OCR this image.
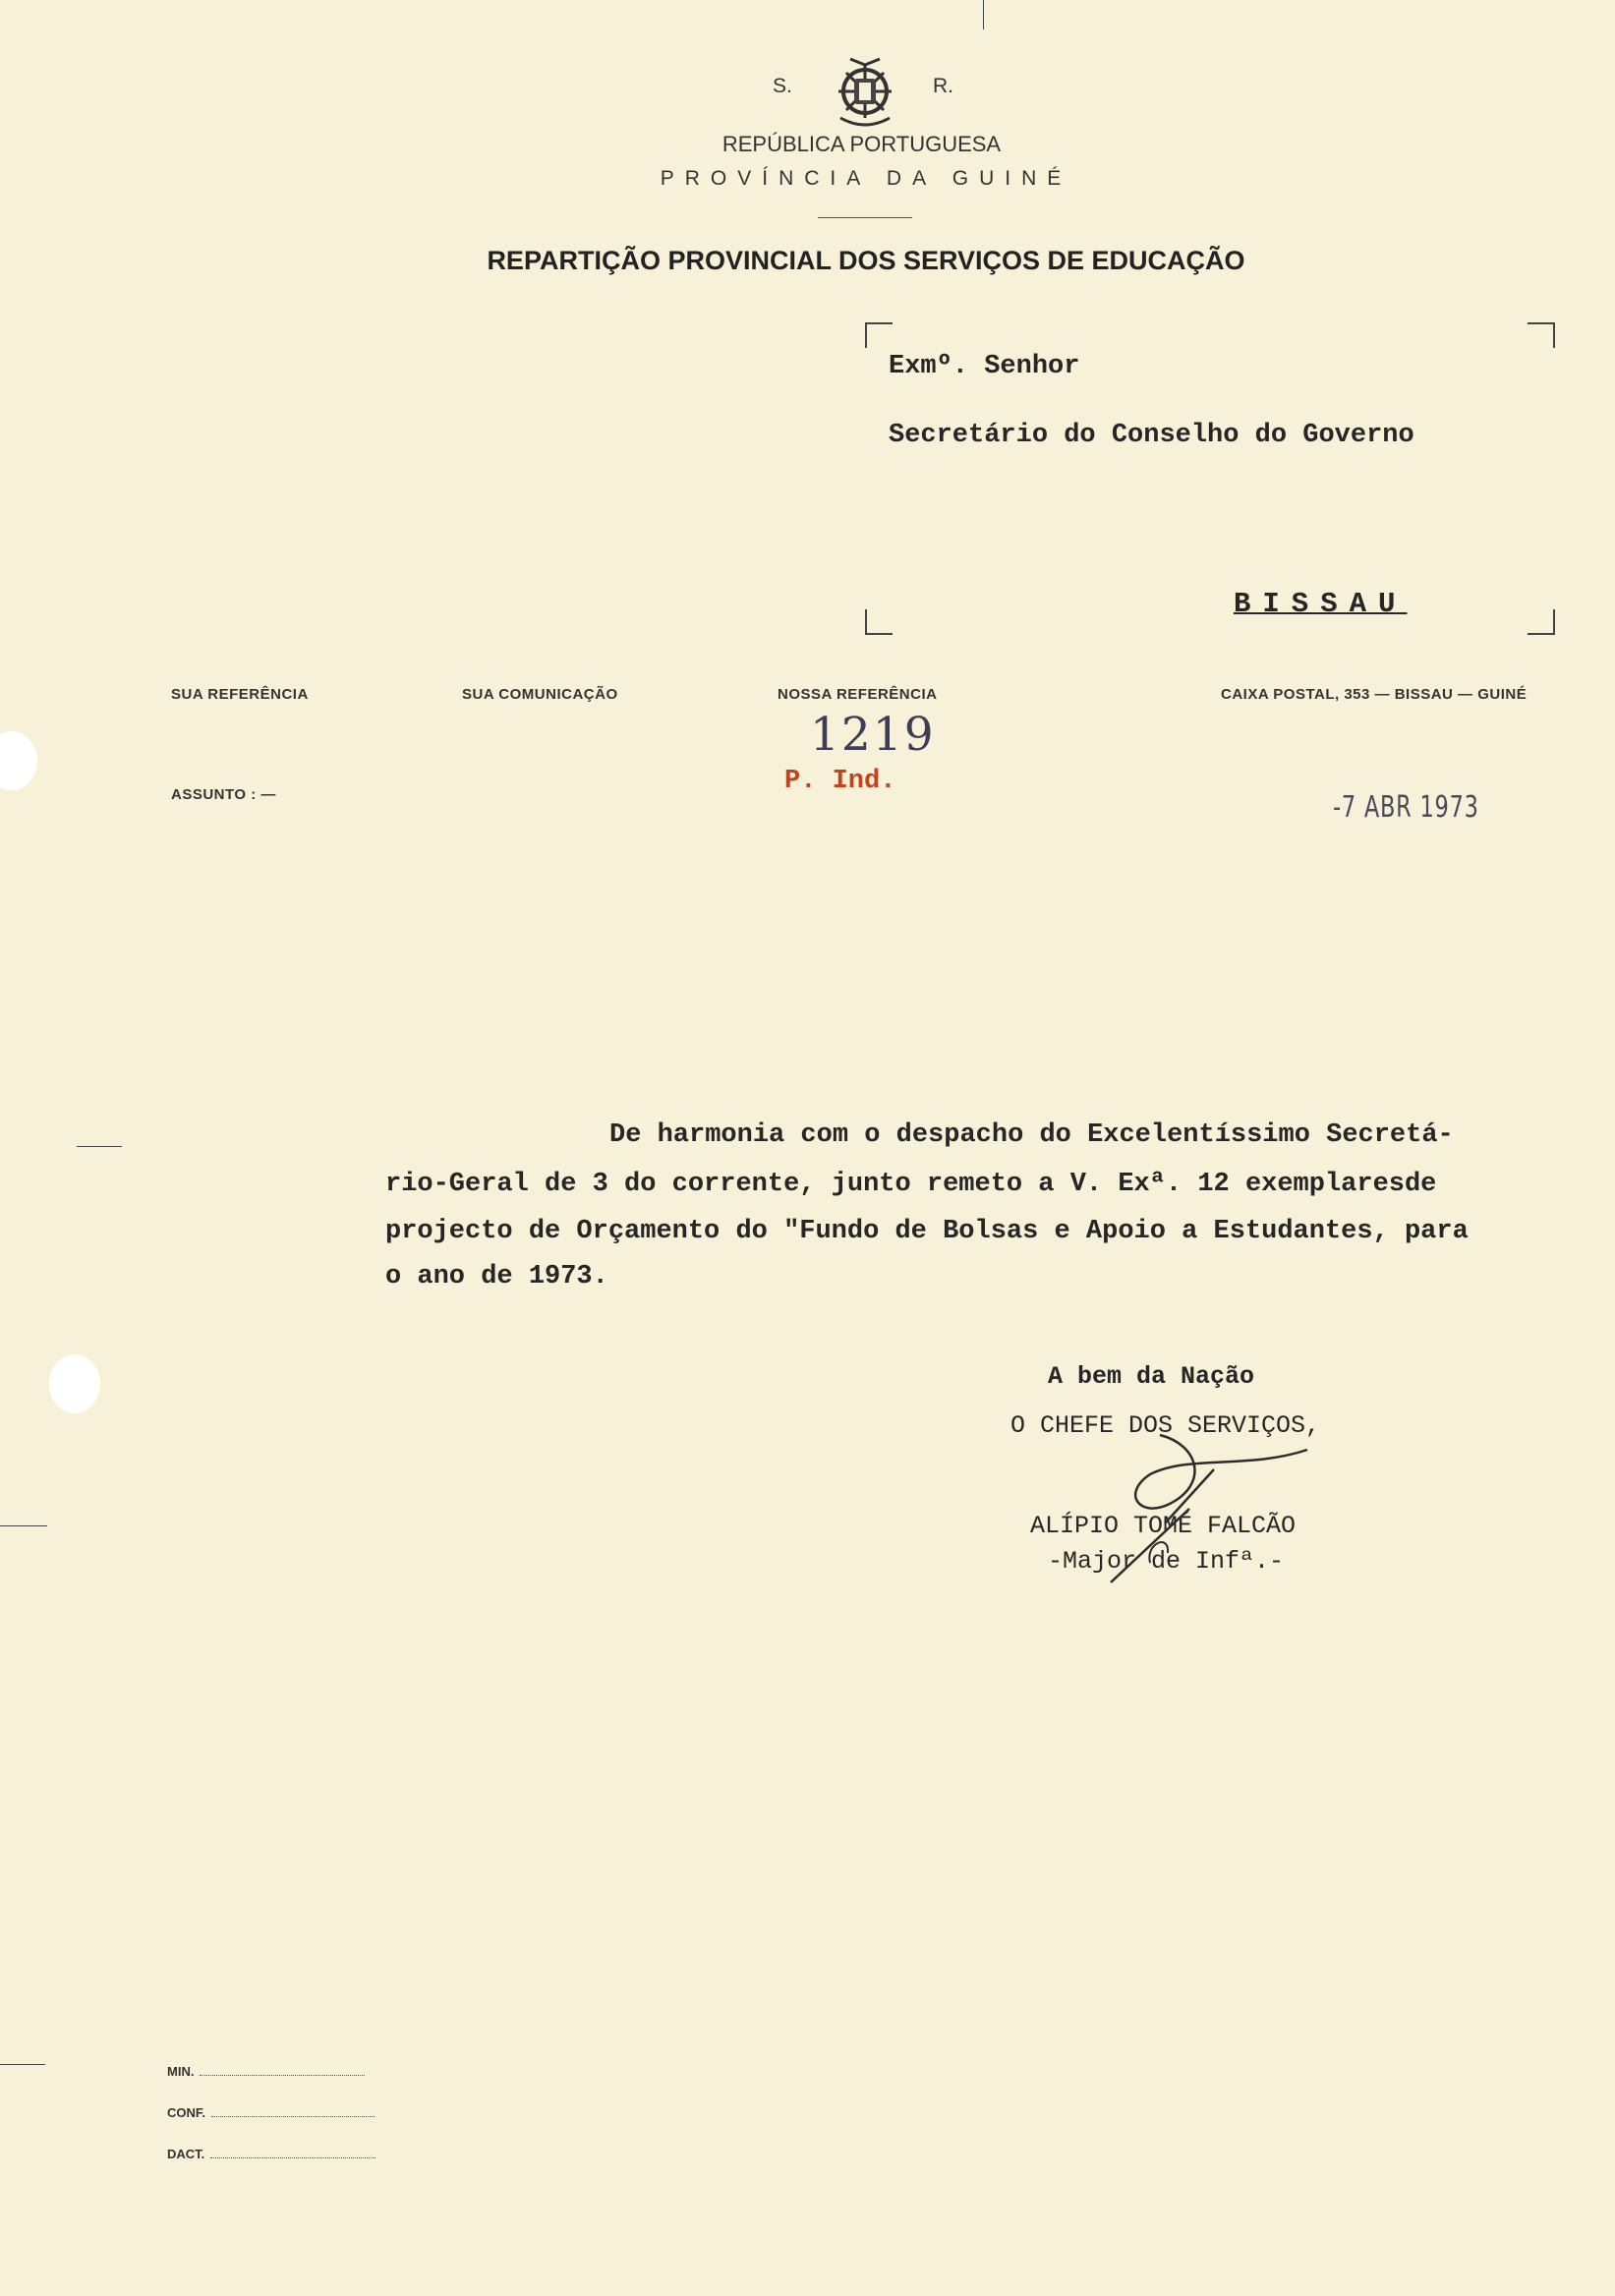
S.	R.
REPÚBLICA PORTUGUESA
PROVÍNCIA DA GUINÉ
REPARTIÇÃO PROVINCIAL DOS SERVIÇOS DE EDUCAÇÃO
Exmº. Senhor
Secretário do Conselho do Governo
BISSAU
SUA REFERÊNCIA	SUA COMUNICAÇÃO	NOSSA REFERÊNCIA	CAIXA POSTAL, 353 — BISSAU — GUINÉ
ASSUNTO : —
1219
P. Ind.
-7 ABR 1973
De harmonia com o despacho do Excelentíssimo Secretá-
rio-Geral de 3 do corrente, junto remeto a V. Exª. 12 exemplaresde
projecto de Orçamento do "Fundo de Bolsas e Apoio a Estudantes, para
o ano de 1973.
A bem da Nação
O CHEFE DOS SERVIÇOS,
ALÍPIO TOMÉ FALCÃO
-Major de Infª.-
MIN.
CONF.
DACT.
